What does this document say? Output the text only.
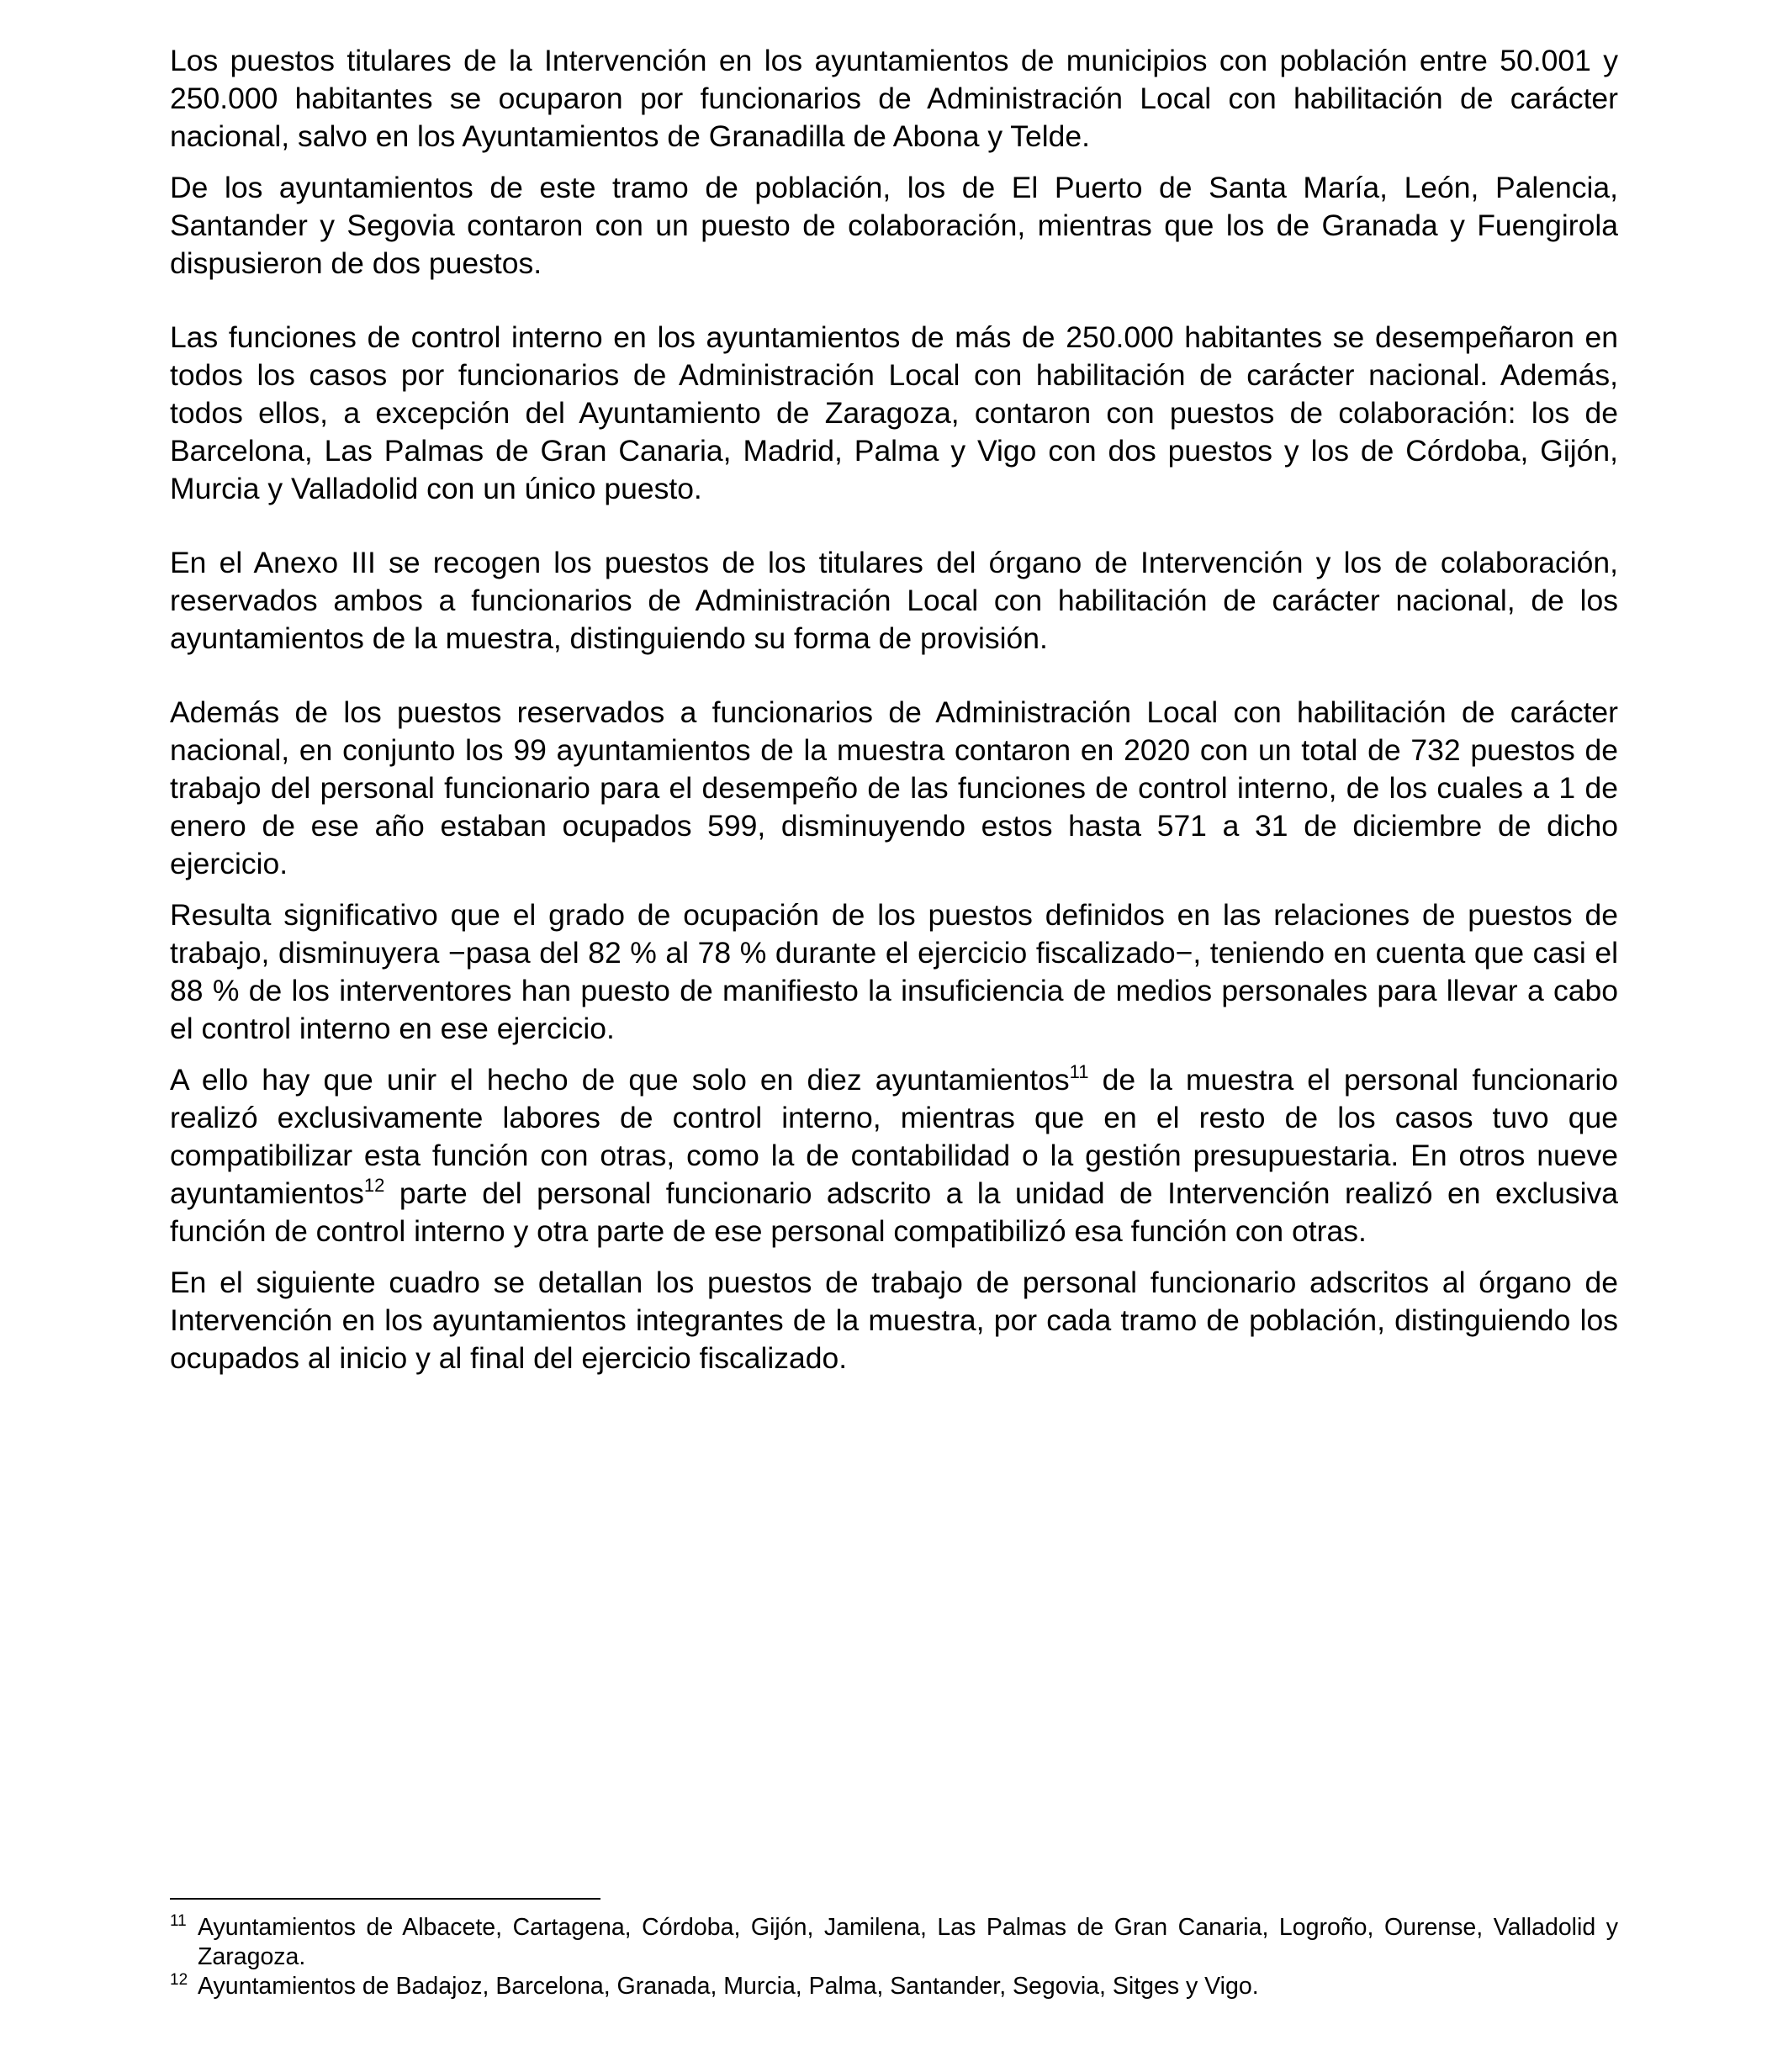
Los puestos titulares de la Intervención en los ayuntamientos de municipios con población entre 50.001 y 250.000 habitantes se ocuparon por funcionarios de Administración Local con habilitación de carácter nacional, salvo en los Ayuntamientos de Granadilla de Abona y Telde.

De los ayuntamientos de este tramo de población, los de El Puerto de Santa María, León, Palencia, Santander y Segovia contaron con un puesto de colaboración, mientras que los de Granada y Fuengirola dispusieron de dos puestos.

Las funciones de control interno en los ayuntamientos de más de 250.000 habitantes se desempeñaron en todos los casos por funcionarios de Administración Local con habilitación de carácter nacional. Además, todos ellos, a excepción del Ayuntamiento de Zaragoza, contaron con puestos de colaboración: los de Barcelona, Las Palmas de Gran Canaria, Madrid, Palma y Vigo con dos puestos y los de Córdoba, Gijón, Murcia y Valladolid con un único puesto.

En el Anexo III se recogen los puestos de los titulares del órgano de Intervención y los de colaboración, reservados ambos a funcionarios de Administración Local con habilitación de carácter nacional, de los ayuntamientos de la muestra, distinguiendo su forma de provisión.

Además de los puestos reservados a funcionarios de Administración Local con habilitación de carácter nacional, en conjunto los 99 ayuntamientos de la muestra contaron en 2020 con un total de 732 puestos de trabajo del personal funcionario para el desempeño de las funciones de control interno, de los cuales a 1 de enero de ese año estaban ocupados 599, disminuyendo estos hasta 571 a 31 de diciembre de dicho ejercicio.

Resulta significativo que el grado de ocupación de los puestos definidos en las relaciones de puestos de trabajo, disminuyera −pasa del 82 % al 78 % durante el ejercicio fiscalizado−, teniendo en cuenta que casi el 88 % de los interventores han puesto de manifiesto la insuficiencia de medios personales para llevar a cabo el control interno en ese ejercicio.

A ello hay que unir el hecho de que solo en diez ayuntamientos$^{11}$ de la muestra el personal funcionario realizó exclusivamente labores de control interno, mientras que en el resto de los casos tuvo que compatibilizar esta función con otras, como la de contabilidad o la gestión presupuestaria. En otros nueve ayuntamientos$^{12}$ parte del personal funcionario adscrito a la unidad de Intervención realizó en exclusiva función de control interno y otra parte de ese personal compatibilizó esa función con otras.

En el siguiente cuadro se detallan los puestos de trabajo de personal funcionario adscritos al órgano de Intervención en los ayuntamientos integrantes de la muestra, por cada tramo de población, distinguiendo los ocupados al inicio y al final del ejercicio fiscalizado.

$^{11}$ Ayuntamientos de Albacete, Cartagena, Córdoba, Gijón, Jamilena, Las Palmas de Gran Canaria, Logroño, Ourense, Valladolid y Zaragoza.

$^{12}$ Ayuntamientos de Badajoz, Barcelona, Granada, Murcia, Palma, Santander, Segovia, Sitges y Vigo.
